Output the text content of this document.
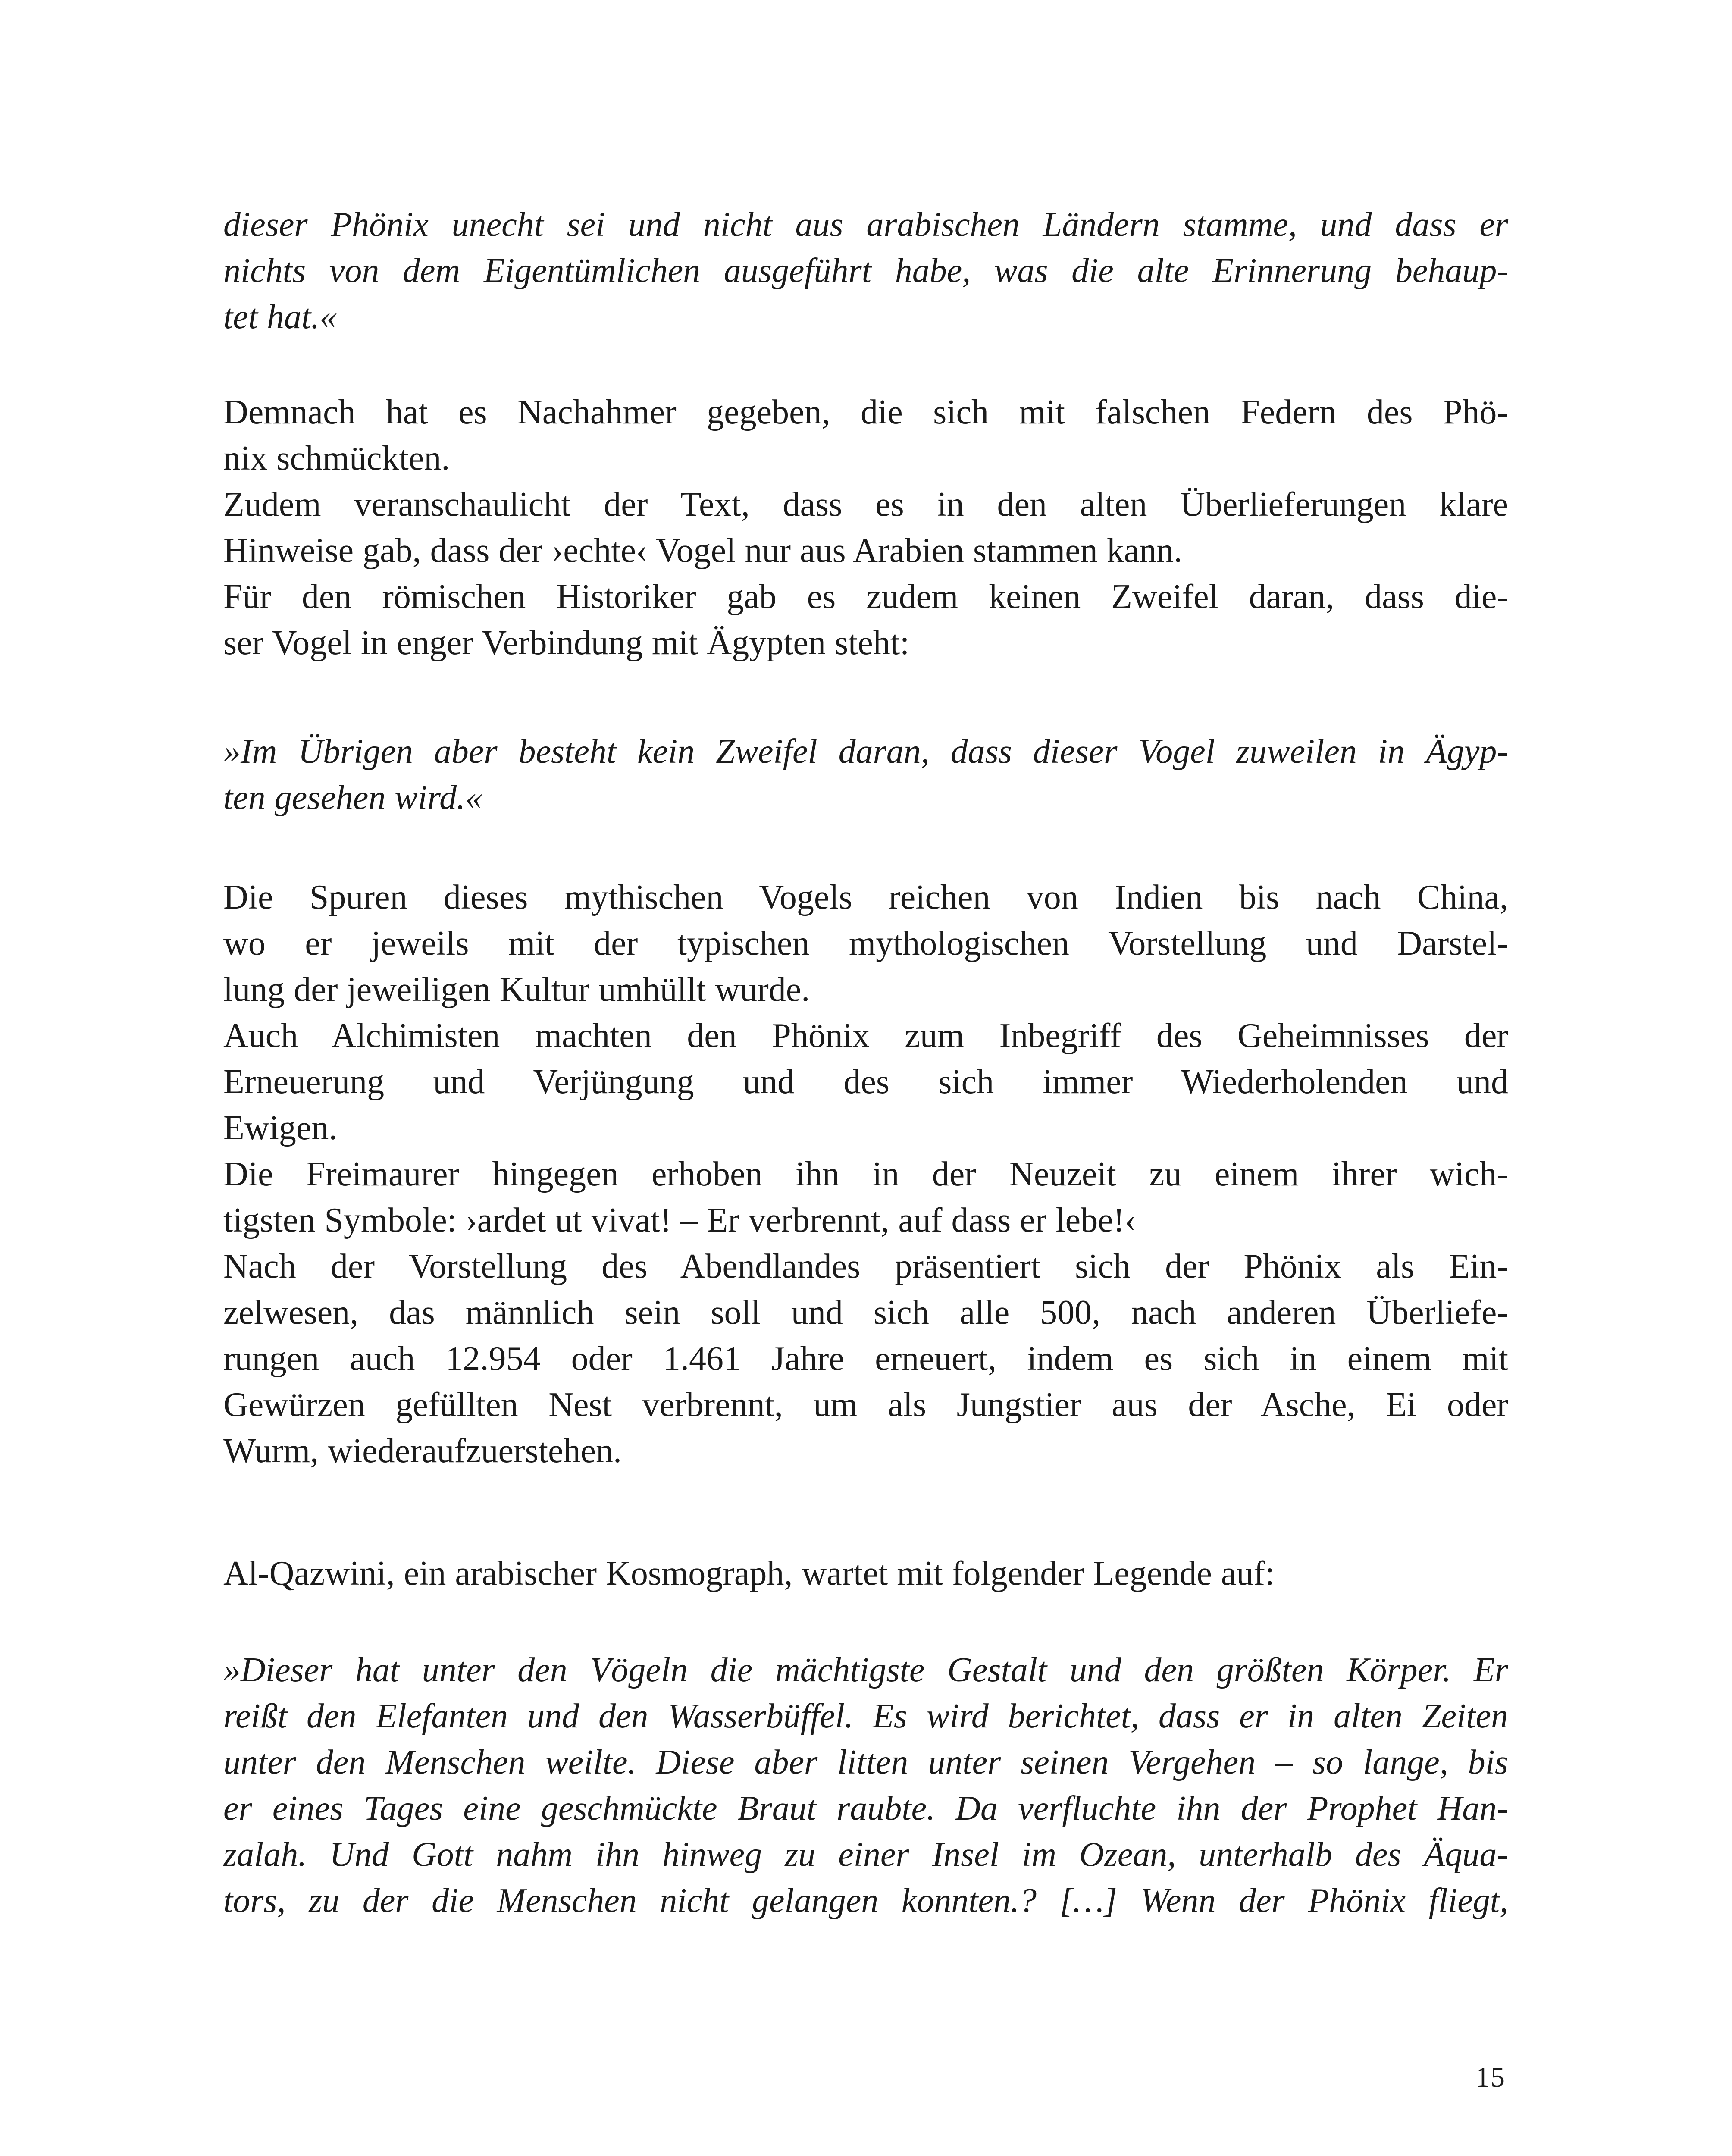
dieser Phönix unecht sei und nicht aus arabischen Ländern stamme, und dass er
nichts von dem Eigentümlichen ausgeführt habe, was die alte Erinnerung behaup-
tet hat.«
Demnach hat es Nachahmer gegeben, die sich mit falschen Federn des Phö-
nix schmückten.
Zudem veranschaulicht der Text, dass es in den alten Überlieferungen klare
Hinweise gab, dass der ›echte‹ Vogel nur aus Arabien stammen kann.
Für den römischen Historiker gab es zudem keinen Zweifel daran, dass die-
ser Vogel in enger Verbindung mit Ägypten steht:
»Im Übrigen aber besteht kein Zweifel daran, dass dieser Vogel zuweilen in Ägyp-
ten gesehen wird.«
Die Spuren dieses mythischen Vogels reichen von Indien bis nach China,
wo er jeweils mit der typischen mythologischen Vorstellung und Darstel-
lung der jeweiligen Kultur umhüllt wurde.
Auch Alchimisten machten den Phönix zum Inbegriff des Geheimnisses der
Erneuerung und Verjüngung und des sich immer Wiederholenden und
Ewigen.
Die Freimaurer hingegen erhoben ihn in der Neuzeit zu einem ihrer wich-
tigsten Symbole: ›ardet ut vivat! – Er verbrennt, auf dass er lebe!‹
Nach der Vorstellung des Abendlandes präsentiert sich der Phönix als Ein-
zelwesen, das männlich sein soll und sich alle 500, nach anderen Überliefe-
rungen auch 12.954 oder 1.461 Jahre erneuert, indem es sich in einem mit
Gewürzen gefüllten Nest verbrennt, um als Jungstier aus der Asche, Ei oder
Wurm, wiederaufzuerstehen.
Al-Qazwini, ein arabischer Kosmograph, wartet mit folgender Legende auf:
»Dieser hat unter den Vögeln die mächtigste Gestalt und den größten Körper. Er
reißt den Elefanten und den Wasserbüffel. Es wird berichtet, dass er in alten Zeiten
unter den Menschen weilte. Diese aber litten unter seinen Vergehen – so lange, bis
er eines Tages eine geschmückte Braut raubte. Da verfluchte ihn der Prophet Han-
zalah. Und Gott nahm ihn hinweg zu einer Insel im Ozean, unterhalb des Äqua-
tors, zu der die Menschen nicht gelangen konnten.? […] Wenn der Phönix fliegt,
15
